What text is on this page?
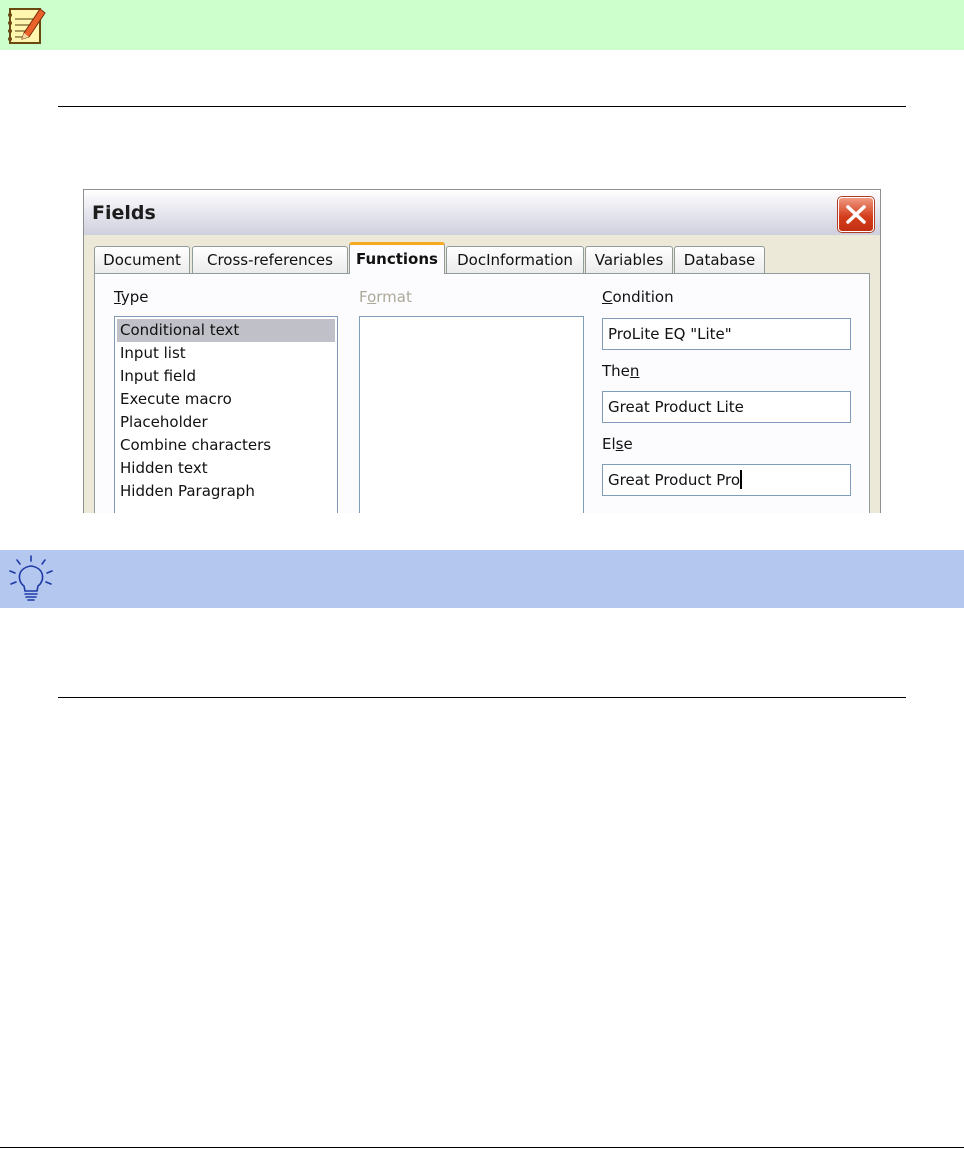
Fields
Document	Cross-references	Functions	DocInformation	Variables	Database
Type	Format	Condition
Conditional text
Input list
Input field
Execute macro
Placeholder
Combine characters
Hidden text
Hidden Paragraph
ProLite EQ "Lite"
Then
Great Product Lite
Else
Great Product Pro
